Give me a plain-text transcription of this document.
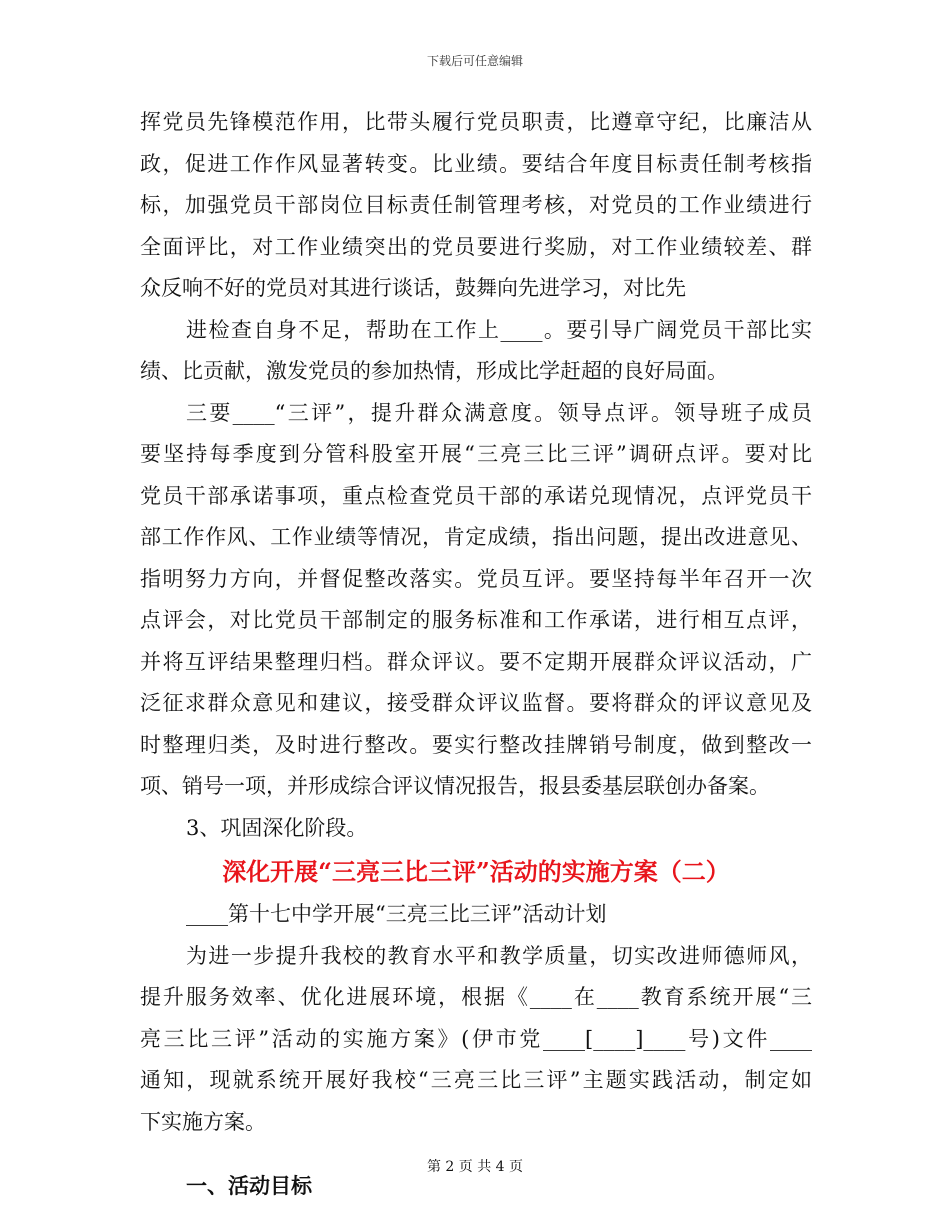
下载后可任意编辑
挥党员先锋模范作用，比带头履行党员职责，比遵章守纪，比廉洁从
政，促进工作作风显著转变。比业绩。要结合年度目标责任制考核指
标，加强党员干部岗位目标责任制管理考核，对党员的工作业绩进行
全面评比，对工作业绩突出的党员要进行奖励，对工作业绩较差、群
众反响不好的党员对其进行谈话，鼓舞向先进学习，对比先
进检查自身不足，帮助在工作上____。要引导广阔党员干部比实
绩、比贡献，激发党员的参加热情，形成比学赶超的良好局面。
三要____“三评”，提升群众满意度。领导点评。领导班子成员
要坚持每季度到分管科股室开展“三亮三比三评”调研点评。要对比
党员干部承诺事项，重点检查党员干部的承诺兑现情况，点评党员干
部工作作风、工作业绩等情况，肯定成绩，指出问题，提出改进意见、
指明努力方向，并督促整改落实。党员互评。要坚持每半年召开一次
点评会，对比党员干部制定的服务标准和工作承诺，进行相互点评，
并将互评结果整理归档。群众评议。要不定期开展群众评议活动，广
泛征求群众意见和建议，接受群众评议监督。要将群众的评议意见及
时整理归类，及时进行整改。要实行整改挂牌销号制度，做到整改一
项、销号一项，并形成综合评议情况报告，报县委基层联创办备案。
3、巩固深化阶段。
深化开展“三亮三比三评”活动的实施方案（二）
____第十七中学开展“三亮三比三评”活动计划
为进一步提升我校的教育水平和教学质量，切实改进师德师风，
提升服务效率、优化进展环境，根据《____在____教育系统开展“三
亮三比三评”活动的实施方案》(伊市党____[____]____号)文件____
通知，现就系统开展好我校“三亮三比三评”主题实践活动，制定如
下实施方案。
一、活动目标
第 2 页 共 4 页
